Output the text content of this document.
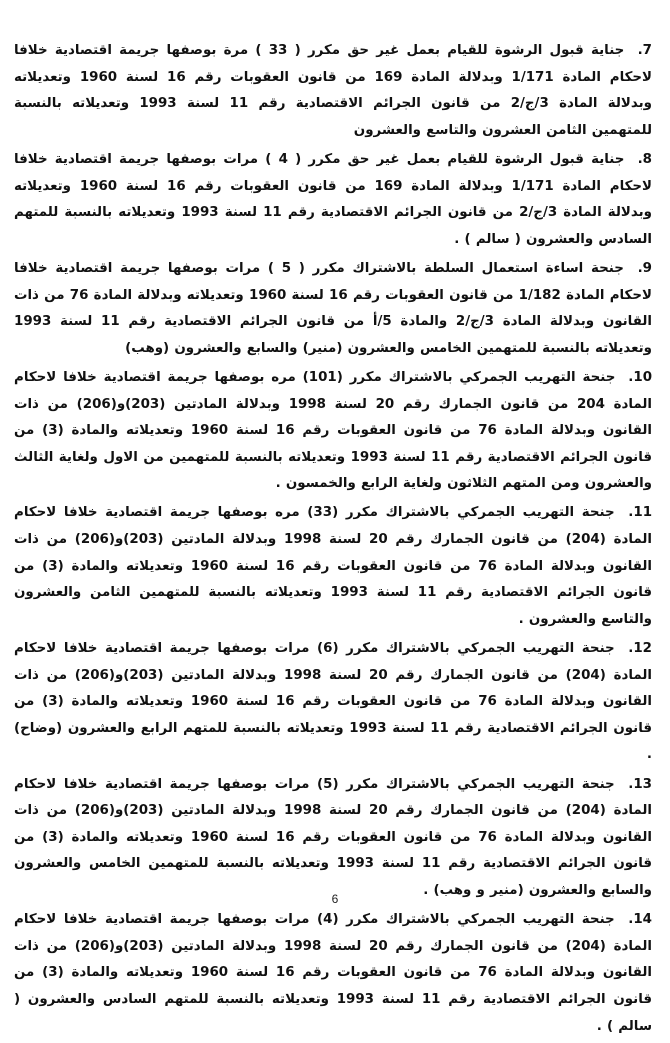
7. جناية قبول الرشوة للقيام بعمل غير حق مكرر ( 33 ) مرة بوصفها جريمة اقتصادية خلافا لاحكام المادة 1/171 وبدلالة المادة 169 من قانون العقوبات رقم 16 لسنة 1960 وتعديلاته وبدلالة المادة 3/ج/2 من قانون الجرائم الاقتصادية رقم 11 لسنة 1993 وتعديلاته بالنسبة للمتهمين الثامن العشرون والتاسع والعشرون

8. جناية قبول الرشوة للقيام بعمل غير حق مكرر ( 4 ) مرات بوصفها جريمة اقتصادية خلافا لاحكام المادة 1/171 وبدلالة المادة 169 من قانون العقوبات رقم 16 لسنة 1960 وتعديلاته وبدلالة المادة 3/ج/2 من قانون الجرائم الاقتصادية رقم 11 لسنة 1993 وتعديلاته بالنسبة للمتهم السادس والعشرون ( سالم ) .

9. جنحة اساءة استعمال السلطة بالاشتراك مكرر ( 5 ) مرات بوصفها جريمة اقتصادية خلافا لاحكام المادة 1/182 من قانون العقوبات رقم 16 لسنة 1960 وتعديلاته وبدلالة المادة 76 من ذات القانون وبدلالة المادة 3/ج/2 والمادة 5/أ من قانون الجرائم الاقتصادية رقم 11 لسنة 1993 وتعديلاته بالنسبة للمتهمين الخامس والعشرون (منير) والسابع والعشرون (وهب)

10. جنحة التهريب الجمركي بالاشتراك مكرر (101) مره بوصفها جريمة اقتصادية خلافا لاحكام المادة 204 من قانون الجمارك رقم 20 لسنة 1998 وبدلالة المادتين (203)و(206) من ذات القانون وبدلالة المادة 76 من قانون العقوبات رقم 16 لسنة 1960 وتعديلاته والمادة (3) من قانون الجرائم الاقتصادية رقم 11 لسنة 1993 وتعديلاته بالنسبة للمتهمين من الاول ولغاية الثالث والعشرون ومن المتهم الثلاثون ولغاية الرابع والخمسون .

11. جنحة التهريب الجمركي بالاشتراك مكرر (33) مره بوصفها جريمة اقتصادية خلافا لاحكام المادة (204) من قانون الجمارك رقم 20 لسنة 1998 وبدلالة المادتين (203)و(206) من ذات القانون وبدلالة المادة 76 من قانون العقوبات رقم 16 لسنة 1960 وتعديلاته والمادة (3) من قانون الجرائم الاقتصادية رقم 11 لسنة 1993 وتعديلاته بالنسبة للمتهمين الثامن والعشرون والتاسع والعشرون .

12. جنحة التهريب الجمركي بالاشتراك مكرر (6) مرات بوصفها جريمة اقتصادية خلافا لاحكام المادة (204) من قانون الجمارك رقم 20 لسنة 1998 وبدلالة المادتين (203)و(206) من ذات القانون وبدلالة المادة 76 من قانون العقوبات رقم 16 لسنة 1960 وتعديلاته والمادة (3) من قانون الجرائم الاقتصادية رقم 11 لسنة 1993 وتعديلاته بالنسبة للمتهم الرابع والعشرون (وضاح) .

13. جنحة التهريب الجمركي بالاشتراك مكرر (5) مرات بوصفها جريمة اقتصادية خلافا لاحكام المادة (204) من قانون الجمارك رقم 20 لسنة 1998 وبدلالة المادتين (203)و(206) من ذات القانون وبدلالة المادة 76 من قانون العقوبات رقم 16 لسنة 1960 وتعديلاته والمادة (3) من قانون الجرائم الاقتصادية رقم 11 لسنة 1993 وتعديلاته بالنسبة للمتهمين الخامس والعشرون والسابع والعشرون (منير و وهب) .

14. جنحة التهريب الجمركي بالاشتراك مكرر (4) مرات بوصفها جريمة اقتصادية خلافا لاحكام المادة (204) من قانون الجمارك رقم 20 لسنة 1998 وبدلالة المادتين (203)و(206) من ذات القانون وبدلالة المادة 76 من قانون العقوبات رقم 16 لسنة 1960 وتعديلاته والمادة (3) من قانون الجرائم الاقتصادية رقم 11 لسنة 1993 وتعديلاته بالنسبة للمتهم السادس والعشرون ( سالم ) .

6
